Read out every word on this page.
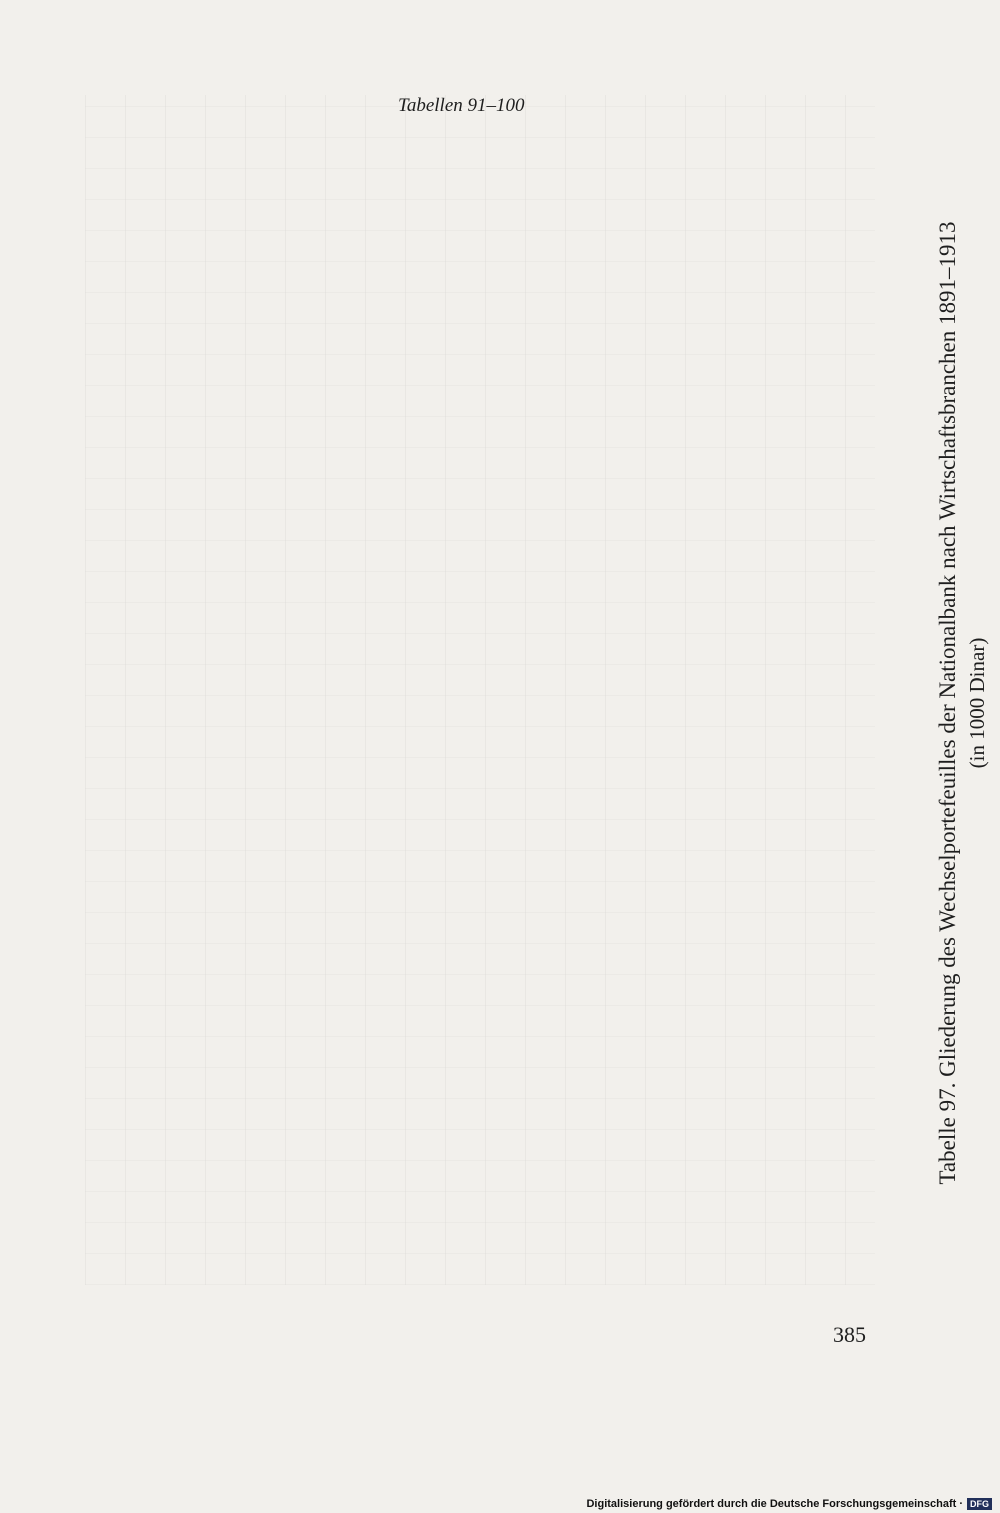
Tabellen 91–100
Tabelle 97. Gliederung des Wechselportefeuilles der Nationalbank nach Wirtschaftsbranchen 1891–1913 (in 1000 Dinar)

385
Digitalisierung gefördert durch die Deutsche Forschungsgemeinschaft · DFG
